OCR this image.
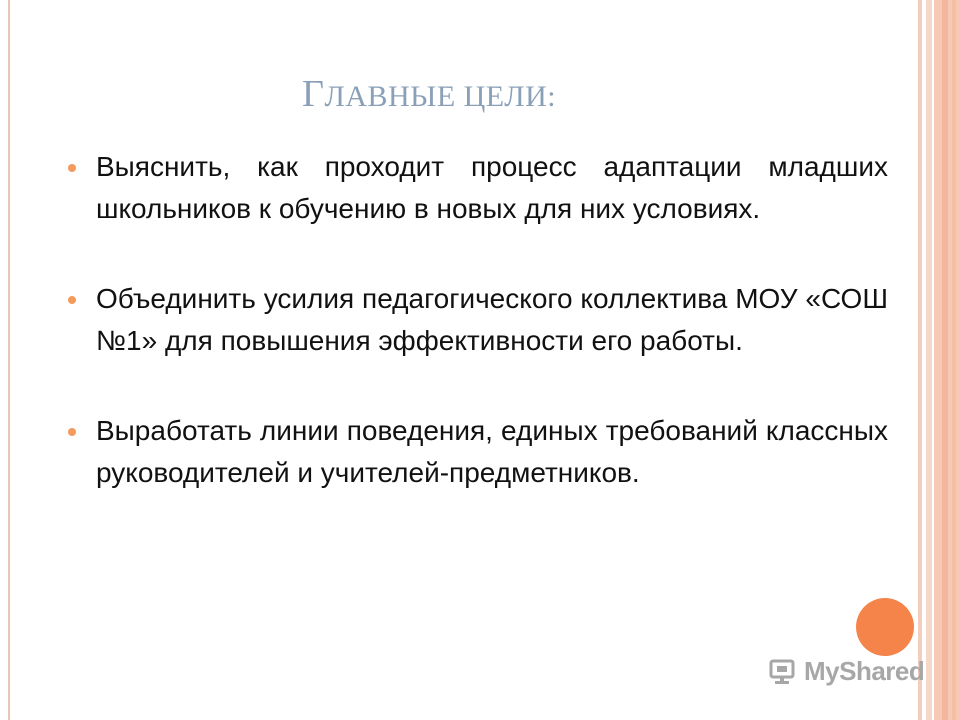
ГЛАВНЫЕ ЦЕЛИ:
Выяснить, как проходит процесс адаптации младших школьников к обучению в новых для них условиях.
Объединить усилия педагогического коллектива МОУ «СОШ №1» для повышения эффективности его работы.
Выработать линии поведения, единых требований классных руководителей и учителей-предметников.
MyShared
